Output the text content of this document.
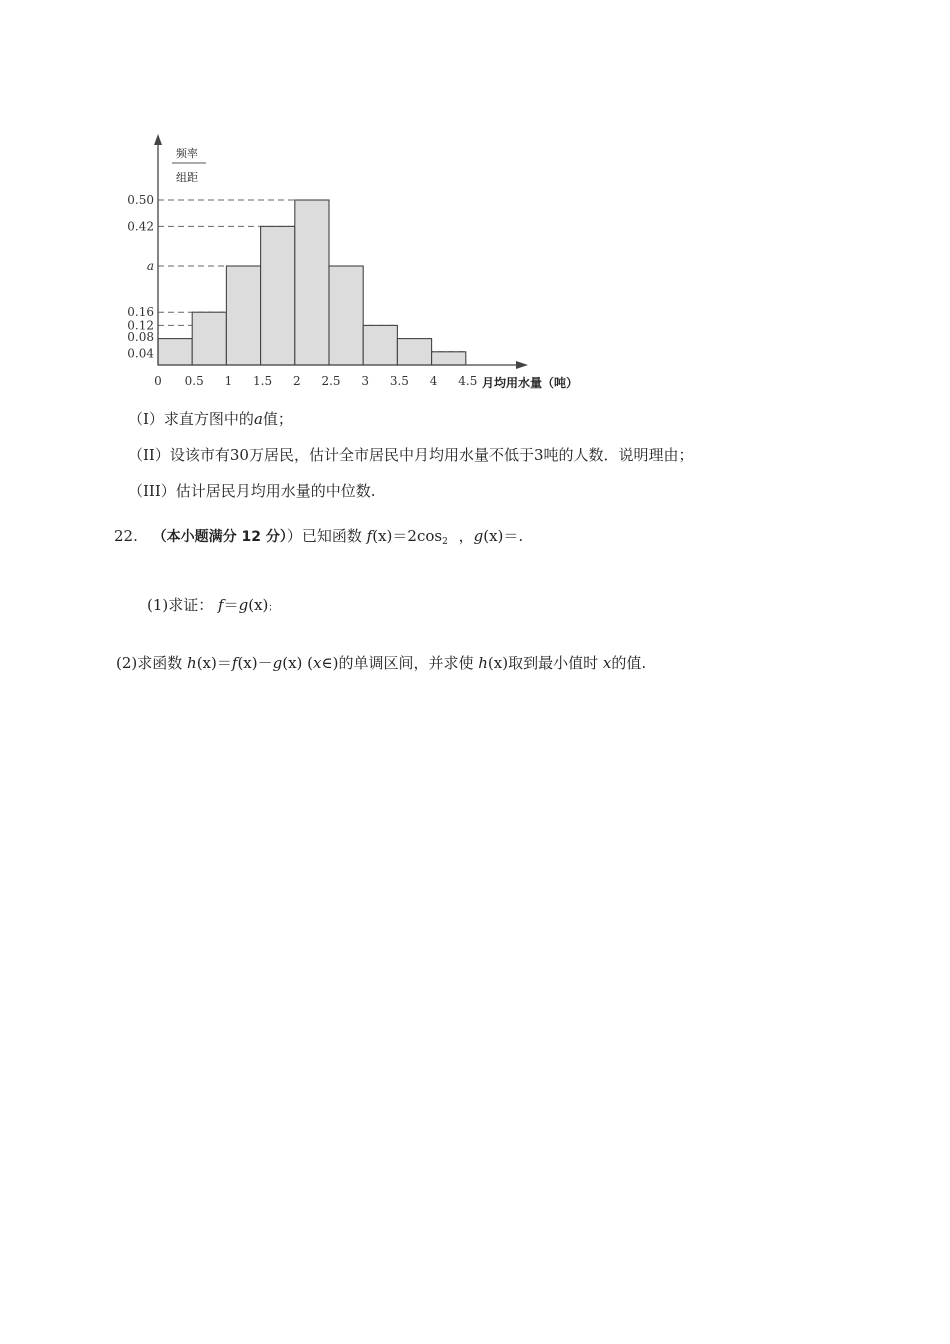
频率
组距
月均用水量（吨）
0 0.5 1 1.5 2 2.5 3 3.5 4 4.5
0.50
0.42
a
0.16
0.12
0.08
0.04
（I）求直方图中的a值；
（II）设该市有30万居民，估计全市居民中月均用水量不低于3吨的人数．说明理由；
（III）估计居民月均用水量的中位数.
22. （本小题满分 12 分））已知函数 $f(x)=2\cos_2$ ，g(x)＝.
(1)求证： f＝g(x)；
(2)求函数 h(x)＝f(x)－g(x) (x∈)的单调区间，并求使 h(x)取到最小值时 x的值.
